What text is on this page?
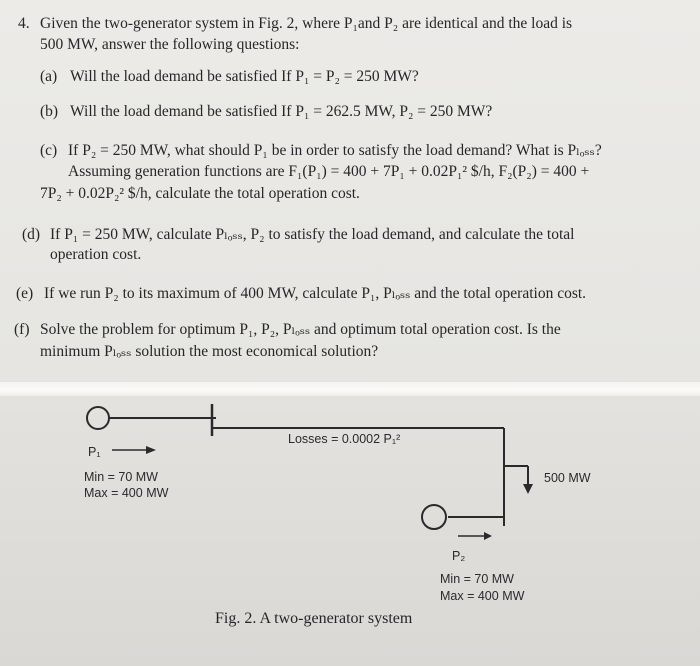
4. Given the two-generator system in Fig. 2, where P₁and P₂ are identical and the load is
500 MW, answer the following questions:
(a) Will the load demand be satisfied If P₁ = P₂ = 250 MW?
(b) Will the load demand be satisfied If P₁ = 262.5 MW, P₂ = 250 MW?
(c) If P₂ = 250 MW, what should P₁ be in order to satisfy the load demand? What is Pₗₒₛₛ?
Assuming generation functions are F₁(P₁) = 400 + 7P₁ + 0.02P₁² $/h, F₂(P₂) = 400 +
7P₂ + 0.02P₂² $/h, calculate the total operation cost.
(d) If P₁ = 250 MW, calculate Pₗₒₛₛ, P₂ to satisfy the load demand, and calculate the total
operation cost.
(e) If we run P₂ to its maximum of 400 MW, calculate P₁, Pₗₒₛₛ and the total operation cost.
(f) Solve the problem for optimum P₁, P₂, Pₗₒₛₛ and optimum total operation cost. Is the
minimum Pₗₒₛₛ solution the most economical solution?
Losses = 0.0002 P₁²
P₁
Min = 70 MW
Max = 400 MW
500 MW
P₂
Min = 70 MW
Max = 400 MW
Fig. 2. A two-generator system
